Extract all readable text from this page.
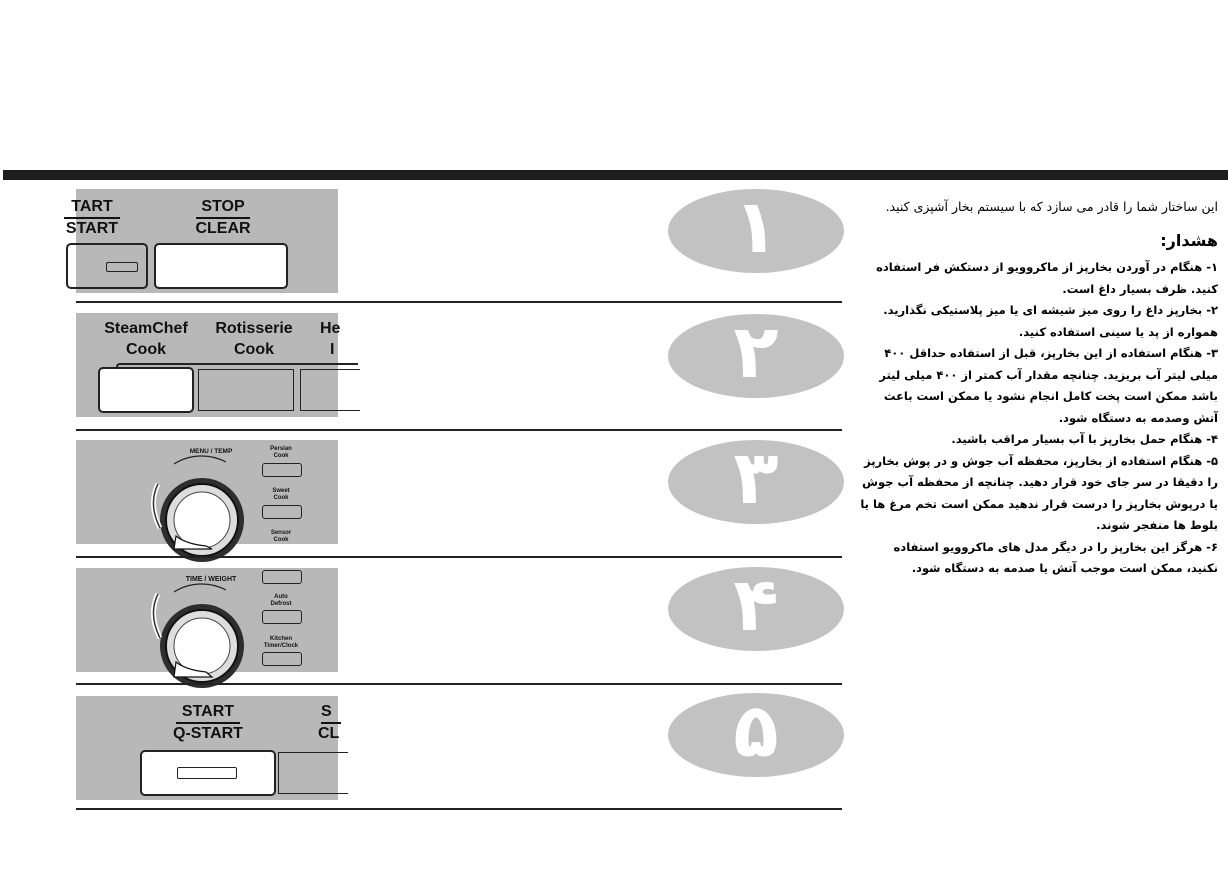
TART
START
STOP
CLEAR	۱
SteamChef
Cook
Rotisserie
Cook
He
I	۲
MENU / TEMP	Persian
Cook
Sweet
Cook
Sensor
Cook
۳
TIME / WEIGHT
Auto
Defrost
Kitchen
Timer/Clock	۴
START
Q-START
S
CL	۵

این ساختار شما را قادر می سازد که با سیستم بخار آشپزی کنید.

هشدار:

۱- هنگام در آوردن بخارپز از ماکروویو از دستکش فر استفاده کنید. ظرف بسیار داغ است.

۲- بخارپز داغ را روی میز شیشه ای یا میز پلاستیکی نگذارید. همواره از پد یا سینی استفاده کنید.

۳- هنگام استفاده از این بخارپز، قبل از استفاده حداقل ۴۰۰ میلی لیتر آب بریزید. چنانچه مقدار آب کمتر از ۴۰۰ میلی لیتر باشد ممکن است پخت کامل انجام نشود یا ممکن است باعث آتش وصدمه به دستگاه شود.

۴- هنگام حمل بخارپز با آب بسیار مراقب باشید.

۵- هنگام استفاده از بخارپز، محفظه آب جوش و در پوش بخارپز را دقیقا در سر جای خود قرار دهید. چنانچه از محفظه آب جوش یا درپوش بخارپز را درست قرار ندهید ممکن است تخم مرغ ها یا بلوط ها منفجر شوند.

۶- هرگز این بخارپز را در دیگر مدل های ماکروویو استفاده نکنید، ممکن است موجب آتش یا صدمه به دستگاه شود.
